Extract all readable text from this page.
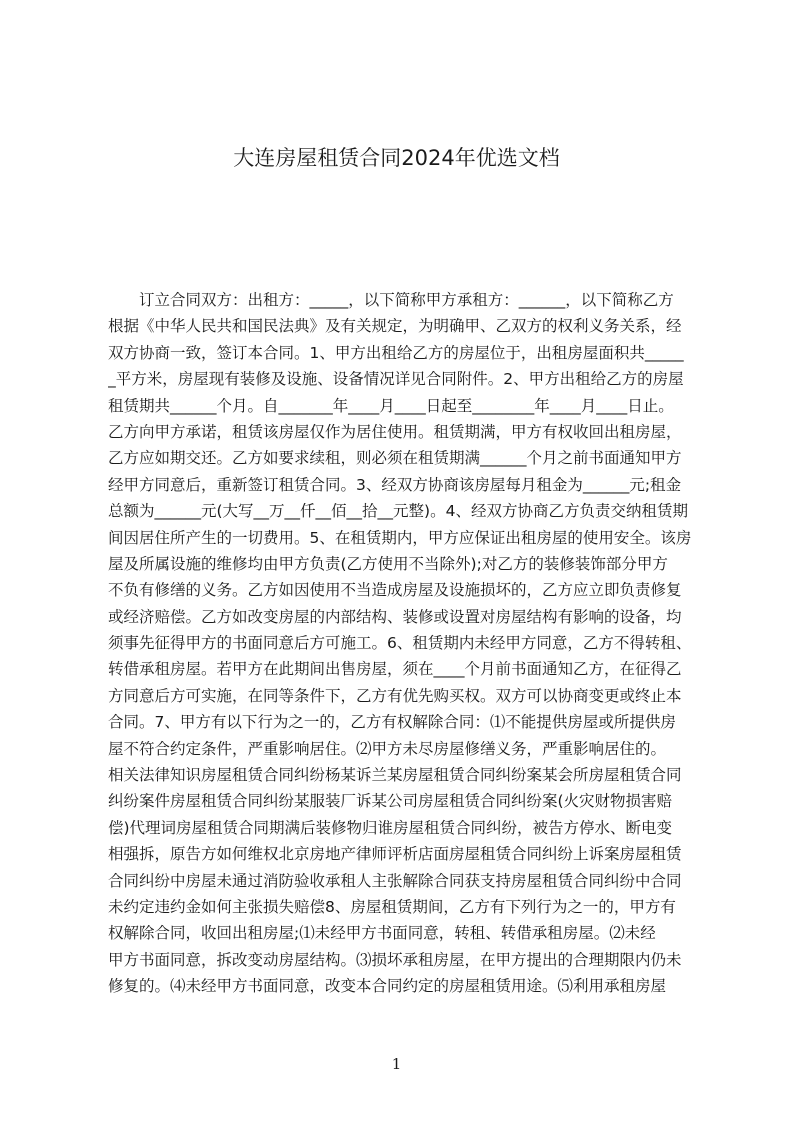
大连房屋租赁合同2024年优选文档
订立合同双方：出租方：_____，以下简称甲方承租方：______，以下简称乙方
根据《中华人民共和国民法典》及有关规定，为明确甲、乙双方的权利义务关系，经
双方协商一致，签订本合同。1、甲方出租给乙方的房屋位于，出租房屋面积共_____
_平方米，房屋现有装修及设施、设备情况详见合同附件。2、甲方出租给乙方的房屋
租赁期共______个月。自_______年____月____日起至________年____月____日止。
乙方向甲方承诺，租赁该房屋仅作为居住使用。租赁期满，甲方有权收回出租房屋，
乙方应如期交还。乙方如要求续租，则必须在租赁期满______个月之前书面通知甲方
经甲方同意后，重新签订租赁合同。3、经双方协商该房屋每月租金为______元;租金
总额为______元(大写__万__仟__佰__拾__元整)。4、经双方协商乙方负责交纳租赁期
间因居住所产生的一切费用。5、在租赁期内，甲方应保证出租房屋的使用安全。该房
屋及所属设施的维修均由甲方负责(乙方使用不当除外);对乙方的装修装饰部分甲方
不负有修缮的义务。乙方如因使用不当造成房屋及设施损坏的，乙方应立即负责修复
或经济赔偿。乙方如改变房屋的内部结构、装修或设置对房屋结构有影响的设备，均
须事先征得甲方的书面同意后方可施工。6、租赁期内未经甲方同意，乙方不得转租、
转借承租房屋。若甲方在此期间出售房屋，须在____个月前书面通知乙方，在征得乙
方同意后方可实施，在同等条件下，乙方有优先购买权。双方可以协商变更或终止本
合同。7、甲方有以下行为之一的，乙方有权解除合同：⑴不能提供房屋或所提供房
屋不符合约定条件，严重影响居住。⑵甲方未尽房屋修缮义务，严重影响居住的。
相关法律知识房屋租赁合同纠纷杨某诉兰某房屋租赁合同纠纷案某会所房屋租赁合同
纠纷案件房屋租赁合同纠纷某服装厂诉某公司房屋租赁合同纠纷案(火灾财物损害赔
偿)代理词房屋租赁合同期满后装修物归谁房屋租赁合同纠纷，被告方停水、断电变
相强拆，原告方如何维权北京房地产律师评析店面房屋租赁合同纠纷上诉案房屋租赁
合同纠纷中房屋未通过消防验收承租人主张解除合同获支持房屋租赁合同纠纷中合同
未约定违约金如何主张损失赔偿8、房屋租赁期间，乙方有下列行为之一的，甲方有
权解除合同，收回出租房屋;⑴未经甲方书面同意，转租、转借承租房屋。⑵未经
甲方书面同意，拆改变动房屋结构。⑶损坏承租房屋，在甲方提出的合理期限内仍未
修复的。⑷未经甲方书面同意，改变本合同约定的房屋租赁用途。⑸利用承租房屋
1
